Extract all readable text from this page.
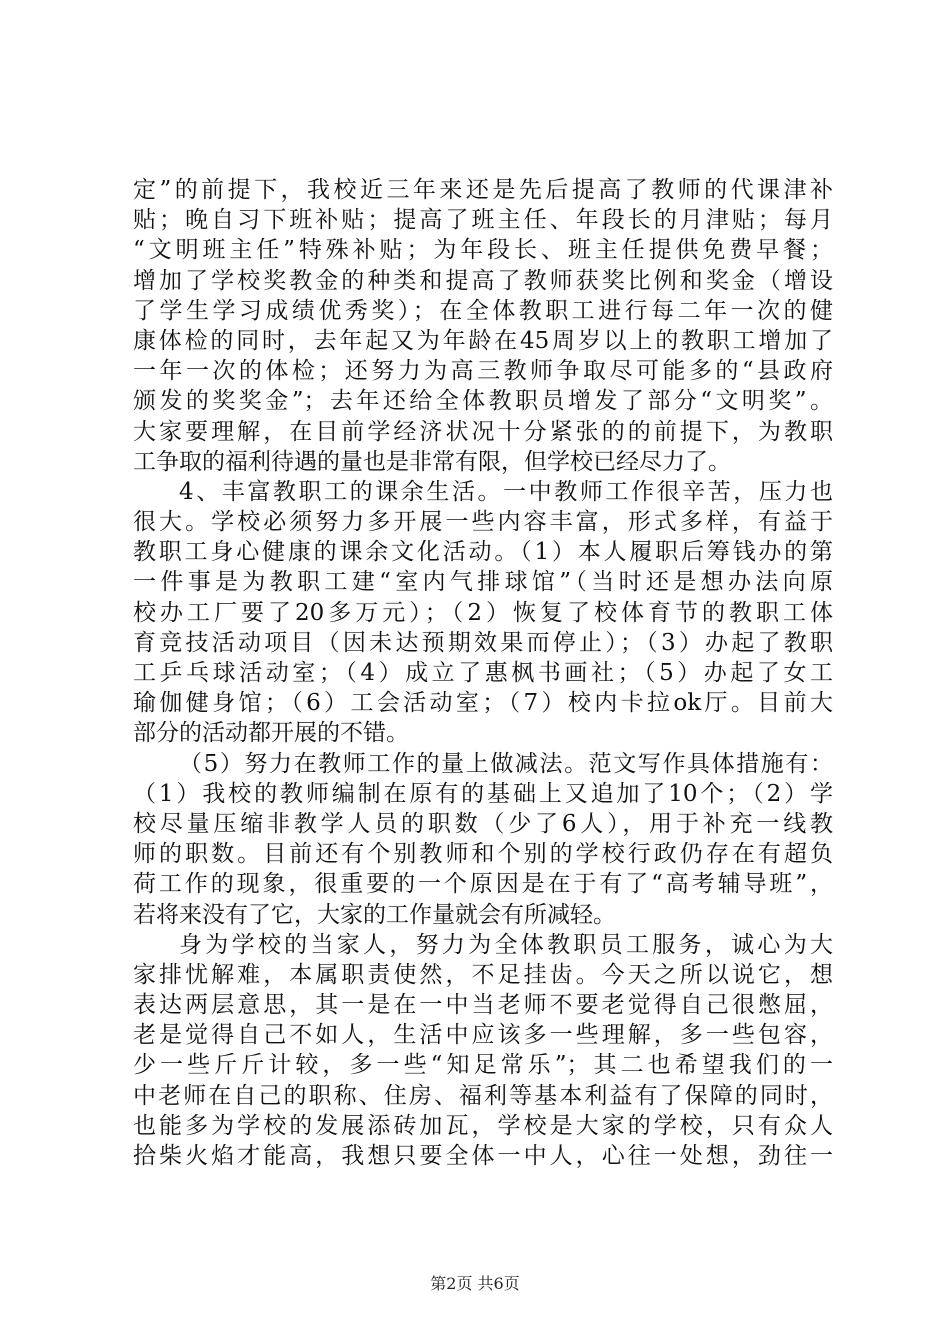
定”的前提下，我校近三年来还是先后提高了教师的代课津补
贴；晚自习下班补贴；提高了班主任、年段长的月津贴；每月
“文明班主任”特殊补贴；为年段长、班主任提供免费早餐；
增加了学校奖教金的种类和提高了教师获奖比例和奖金（增设
了学生学习成绩优秀奖）；在全体教职工进行每二年一次的健
康体检的同时，去年起又为年龄在45周岁以上的教职工增加了
一年一次的体检；还努力为高三教师争取尽可能多的“县政府
颁发的奖奖金”；去年还给全体教职员增发了部分“文明奖”。
大家要理解，在目前学经济状况十分紧张的的前提下，为教职
工争取的福利待遇的量也是非常有限，但学校已经尽力了。
4、丰富教职工的课余生活。一中教师工作很辛苦，压力也
很大。学校必须努力多开展一些内容丰富，形式多样，有益于
教职工身心健康的课余文化活动。（1）本人履职后筹钱办的第
一件事是为教职工建“室内气排球馆”（当时还是想办法向原
校办工厂要了20多万元）；（2）恢复了校体育节的教职工体
育竞技活动项目（因未达预期效果而停止）；（3）办起了教职
工乒乓球活动室；（4）成立了惠枫书画社；（5）办起了女工
瑜伽健身馆；（6）工会活动室；（7）校内卡拉ok厅。目前大
部分的活动都开展的不错。
（5）努力在教师工作的量上做减法。范文写作具体措施有：
（1）我校的教师编制在原有的基础上又追加了10个；（2）学
校尽量压缩非教学人员的职数（少了6人），用于补充一线教
师的职数。目前还有个别教师和个别的学校行政仍存在有超负
荷工作的现象，很重要的一个原因是在于有了“高考辅导班”，
若将来没有了它，大家的工作量就会有所减轻。
身为学校的当家人，努力为全体教职员工服务，诚心为大
家排忧解难，本属职责使然，不足挂齿。今天之所以说它，想
表达两层意思，其一是在一中当老师不要老觉得自己很憋屈，
老是觉得自己不如人，生活中应该多一些理解，多一些包容，
少一些斤斤计较，多一些“知足常乐”；其二也希望我们的一
中老师在自己的职称、住房、福利等基本利益有了保障的同时，
也能多为学校的发展添砖加瓦，学校是大家的学校，只有众人
拾柴火焰才能高，我想只要全体一中人，心往一处想，劲往一
第2页 共6页
